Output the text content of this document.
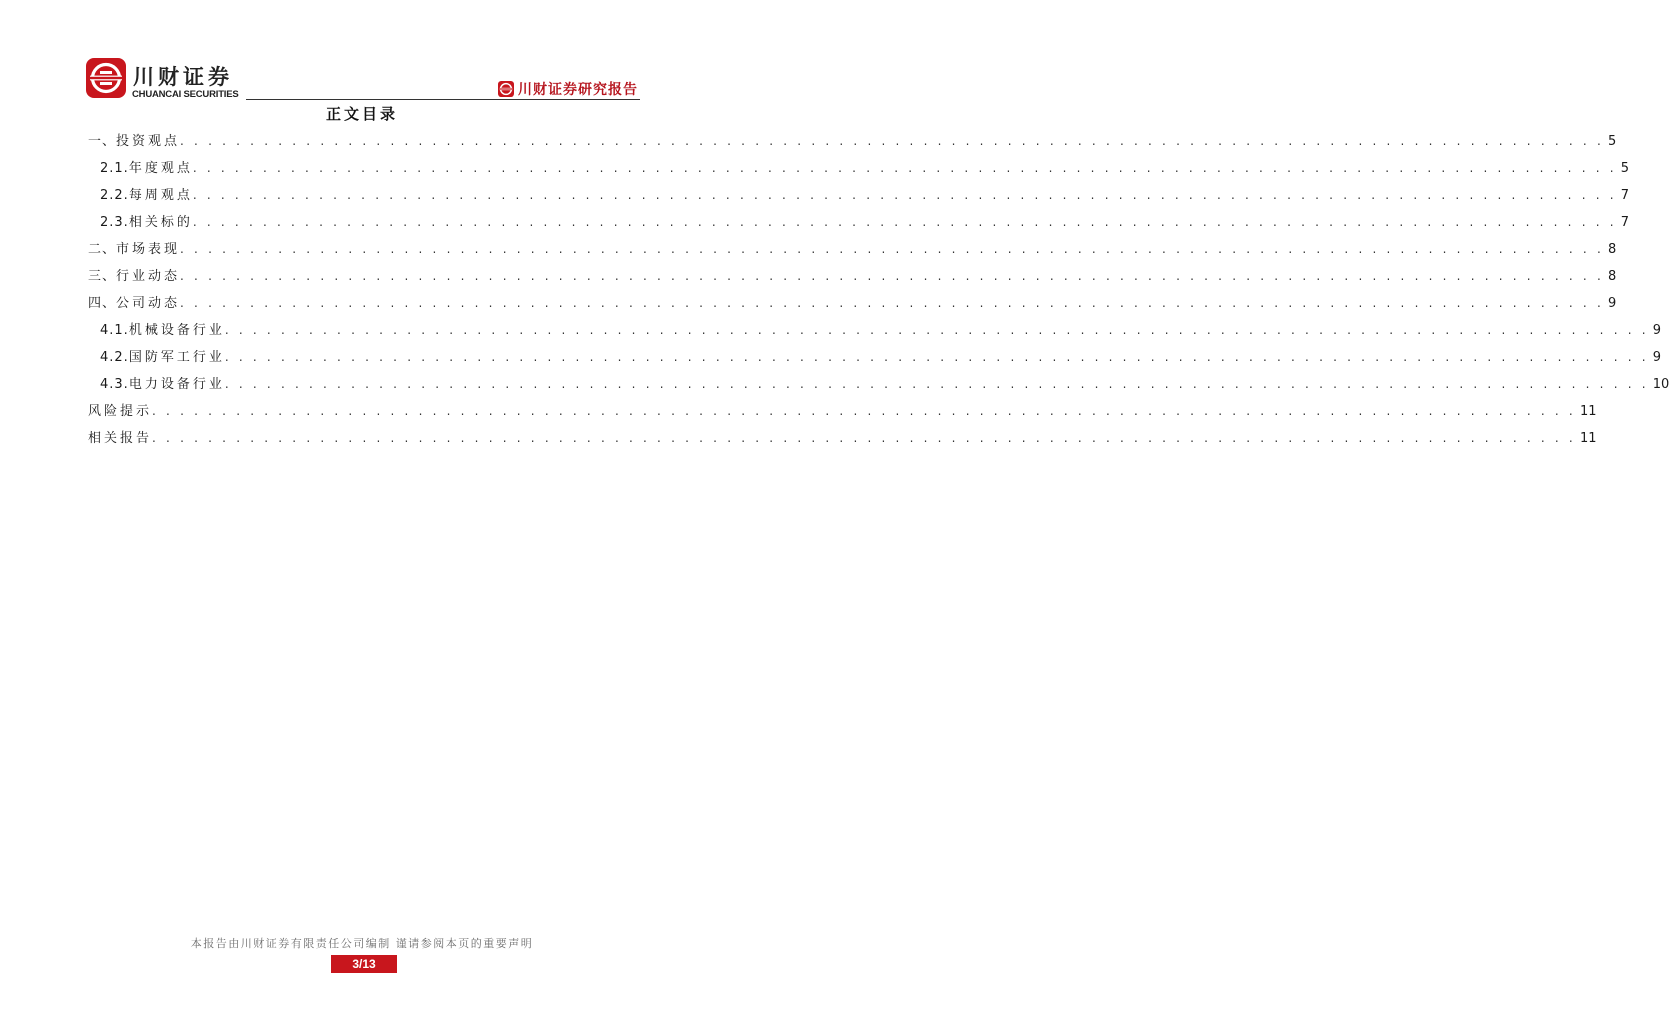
川财证券
CHUANCAI SECURITIES	川财证券研究报告
正文目录
一、 投资观点 . . . . . . . . . . . . . . . . . . . . . . . . . . . . . . . . . . . . . . . . . . . . . . . . . . . . . . . . . . . . . . . . . . . . . . . . . . . . . . . . . . . . . . . . . . . . . . . . . . . . . . 5
2.1. 年度观点 . . . . . . . . . . . . . . . . . . . . . . . . . . . . . . . . . . . . . . . . . . . . . . . . . . . . . . . . . . . . . . . . . . . . . . . . . . . . . . . . . . . . . . . . . . . . . . . . . . . . . . 5
2.2. 每周观点 . . . . . . . . . . . . . . . . . . . . . . . . . . . . . . . . . . . . . . . . . . . . . . . . . . . . . . . . . . . . . . . . . . . . . . . . . . . . . . . . . . . . . . . . . . . . . . . . . . . . . . 7
2.3. 相关标的 . . . . . . . . . . . . . . . . . . . . . . . . . . . . . . . . . . . . . . . . . . . . . . . . . . . . . . . . . . . . . . . . . . . . . . . . . . . . . . . . . . . . . . . . . . . . . . . . . . . . . . 7
二、 市场表现 . . . . . . . . . . . . . . . . . . . . . . . . . . . . . . . . . . . . . . . . . . . . . . . . . . . . . . . . . . . . . . . . . . . . . . . . . . . . . . . . . . . . . . . . . . . . . . . . . . . . . . 8
三、 行业动态 . . . . . . . . . . . . . . . . . . . . . . . . . . . . . . . . . . . . . . . . . . . . . . . . . . . . . . . . . . . . . . . . . . . . . . . . . . . . . . . . . . . . . . . . . . . . . . . . . . . . . . 8
四、 公司动态 . . . . . . . . . . . . . . . . . . . . . . . . . . . . . . . . . . . . . . . . . . . . . . . . . . . . . . . . . . . . . . . . . . . . . . . . . . . . . . . . . . . . . . . . . . . . . . . . . . . . . . 9
4.1. 机械设备行业 . . . . . . . . . . . . . . . . . . . . . . . . . . . . . . . . . . . . . . . . . . . . . . . . . . . . . . . . . . . . . . . . . . . . . . . . . . . . . . . . . . . . . . . . . . . . . . . . . . . . . . 9
4.2. 国防军工行业 . . . . . . . . . . . . . . . . . . . . . . . . . . . . . . . . . . . . . . . . . . . . . . . . . . . . . . . . . . . . . . . . . . . . . . . . . . . . . . . . . . . . . . . . . . . . . . . . . . . . . . 9
4.3. 电力设备行业 . . . . . . . . . . . . . . . . . . . . . . . . . . . . . . . . . . . . . . . . . . . . . . . . . . . . . . . . . . . . . . . . . . . . . . . . . . . . . . . . . . . . . . . . . . . . . . . . . . . . . . 10
风险提示 . . . . . . . . . . . . . . . . . . . . . . . . . . . . . . . . . . . . . . . . . . . . . . . . . . . . . . . . . . . . . . . . . . . . . . . . . . . . . . . . . . . . . . . . . . . . . . . . . . . . . . 11
相关报告 . . . . . . . . . . . . . . . . . . . . . . . . . . . . . . . . . . . . . . . . . . . . . . . . . . . . . . . . . . . . . . . . . . . . . . . . . . . . . . . . . . . . . . . . . . . . . . . . . . . . . . 11
本报告由川财证券有限责任公司编制 谨请参阅本页的重要声明
3/13
